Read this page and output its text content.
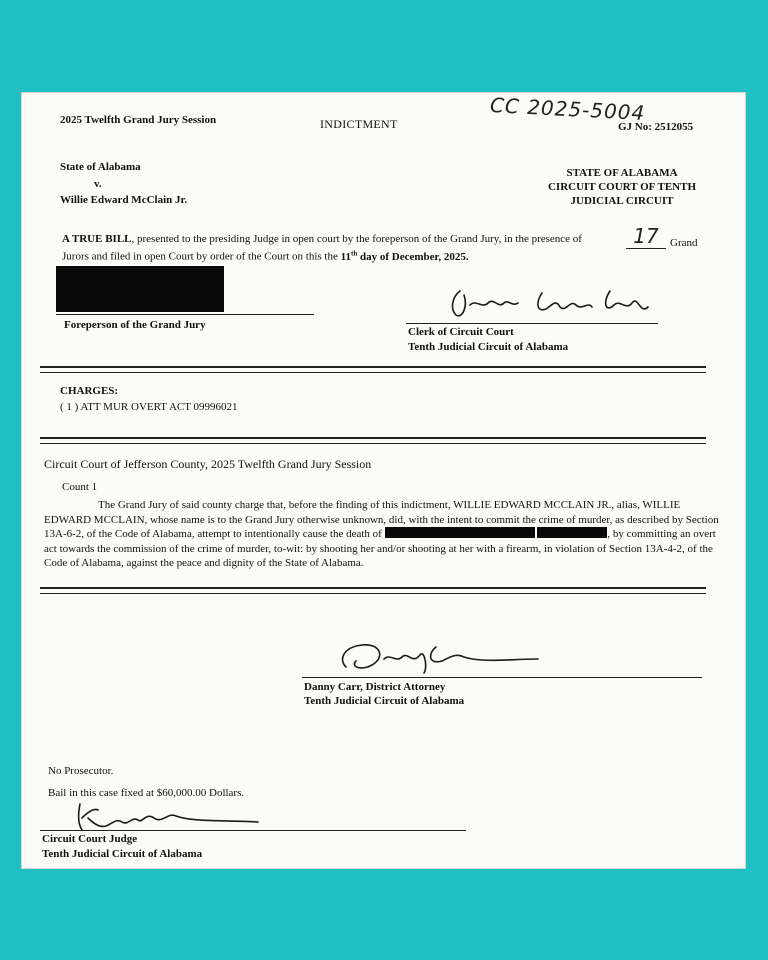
2025 Twelfth Grand Jury Session	INDICTMENT	CC 2025-5004
GJ No: 2512055
State of Alabama
v.
Willie Edward McClain Jr.
STATE OF ALABAMA
CIRCUIT COURT OF TENTH
JUDICIAL CIRCUIT
A TRUE BILL, presented to the presiding Judge in open court by the foreperson of the Grand Jury, in the presence of	17	Grand
Jurors and filed in open Court by order of the Court on this the 11th day of December, 2025.
Foreperson of the Grand Jury
Clerk of Circuit Court
Tenth Judicial Circuit of Alabama
CHARGES:
( 1 ) ATT MUR OVERT ACT 09996021
Circuit Court of Jefferson County, 2025 Twelfth Grand Jury Session
Count 1
The Grand Jury of said county charge that, before the finding of this indictment, WILLIE EDWARD MCCLAIN JR., alias, WILLIE EDWARD MCCLAIN, whose name is to the Grand Jury otherwise unknown, did, with the intent to commit the crime of murder, as described by Section 13A-6-2, of the Code of Alabama, attempt to intentionally cause the death of	, by committing an overt act towards the commission of the crime of murder, to-wit: by shooting her and/or shooting at her with a firearm, in violation of Section 13A-4-2, of the Code of Alabama, against the peace and dignity of the State of Alabama.
Danny Carr, District Attorney
Tenth Judicial Circuit of Alabama
No Prosecutor.
Bail in this case fixed at $60,000.00 Dollars.
Circuit Court Judge
Tenth Judicial Circuit of Alabama
